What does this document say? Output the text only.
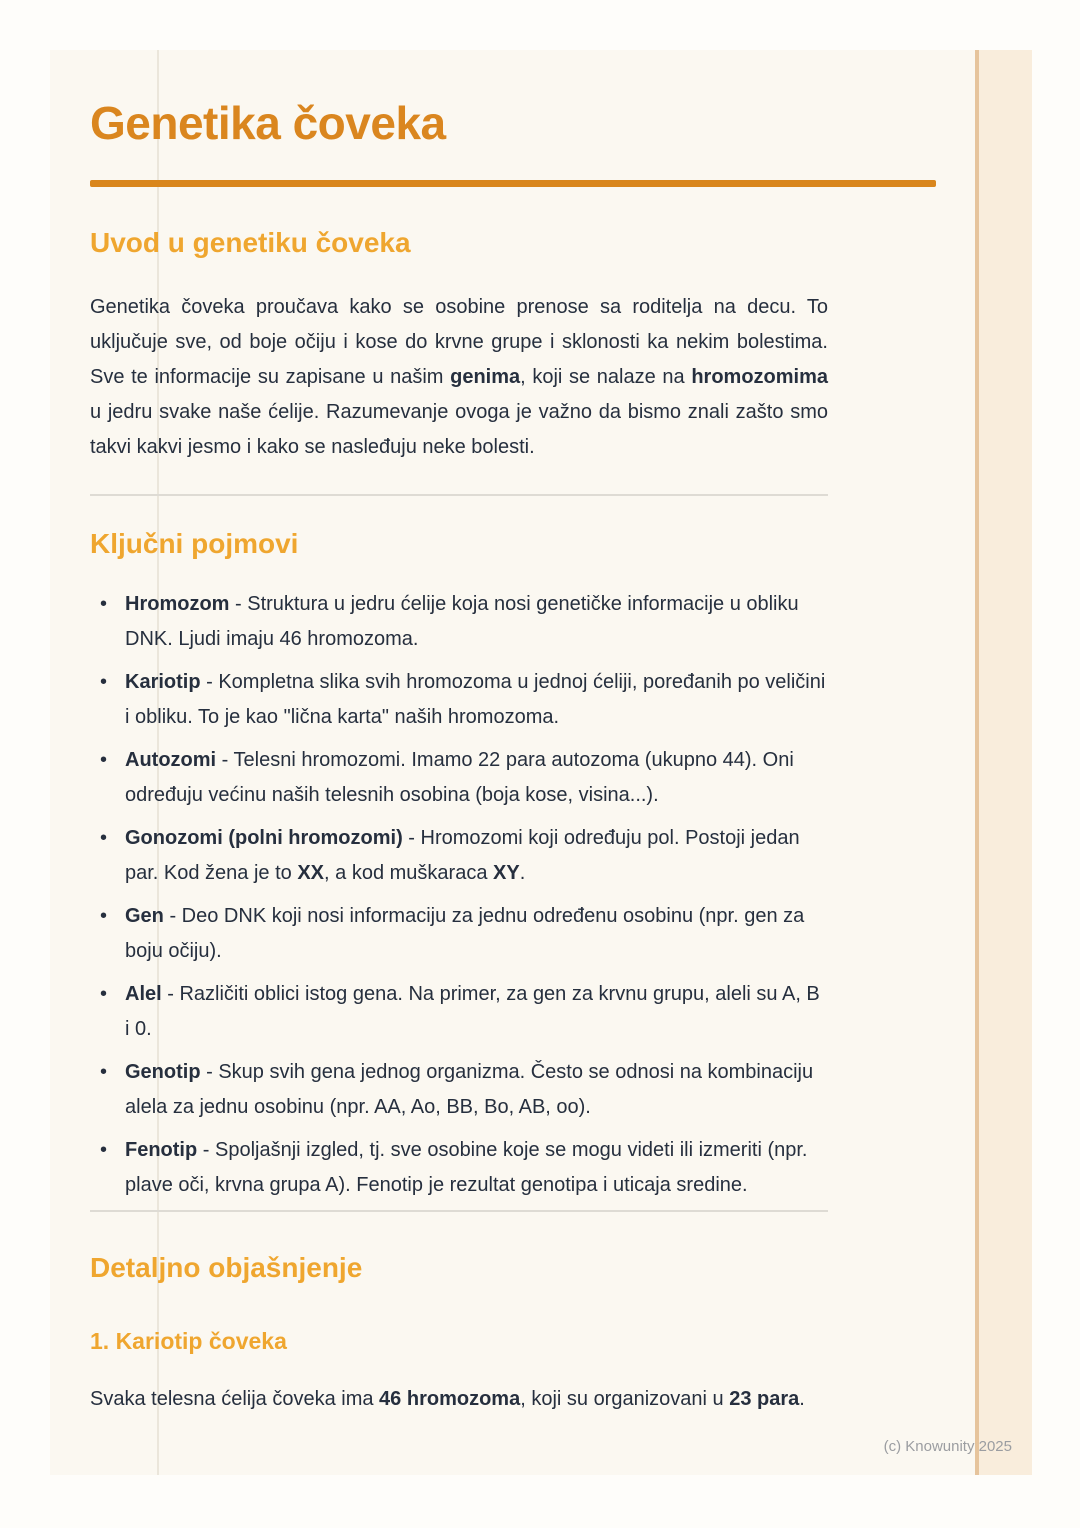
Genetika čoveka
Uvod u genetiku čoveka

Genetika čoveka proučava kako se osobine prenose sa roditelja na decu. To uključuje sve, od boje očiju i kose do krvne grupe i sklonosti ka nekim bolestima. Sve te informacije su zapisane u našim genima, koji se nalaze na hromozomima u jedru svake naše ćelije. Razumevanje ovoga je važno da bismo znali zašto smo takvi kakvi jesmo i kako se nasleđuju neke bolesti.

Ključni pojmovi
• Hromozom - Struktura u jedru ćelije koja nosi genetičke informacije u obliku DNK. Ljudi imaju 46 hromozoma.
• Kariotip - Kompletna slika svih hromozoma u jednoj ćeliji, poređanih po veličini i obliku. To je kao "lična karta" naših hromozoma.
• Autozomi - Telesni hromozomi. Imamo 22 para autozoma (ukupno 44). Oni određuju većinu naših telesnih osobina (boja kose, visina...).
• Gonozomi (polni hromozomi) - Hromozomi koji određuju pol. Postoji jedan par. Kod žena je to XX, a kod muškaraca XY.
• Gen - Deo DNK koji nosi informaciju za jednu određenu osobinu (npr. gen za boju očiju).
• Alel - Različiti oblici istog gena. Na primer, za gen za krvnu grupu, aleli su A, B i 0.
• Genotip - Skup svih gena jednog organizma. Često se odnosi na kombinaciju alela za jednu osobinu (npr. AA, Ao, BB, Bo, AB, oo).
• Fenotip - Spoljašnji izgled, tj. sve osobine koje se mogu videti ili izmeriti (npr. plave oči, krvna grupa A). Fenotip je rezultat genotipa i uticaja sredine.
Detaljno objašnjenje
1. Kariotip čoveka

Svaka telesna ćelija čoveka ima 46 hromozoma, koji su organizovani u 23 para.

(c) Knowunity 2025
